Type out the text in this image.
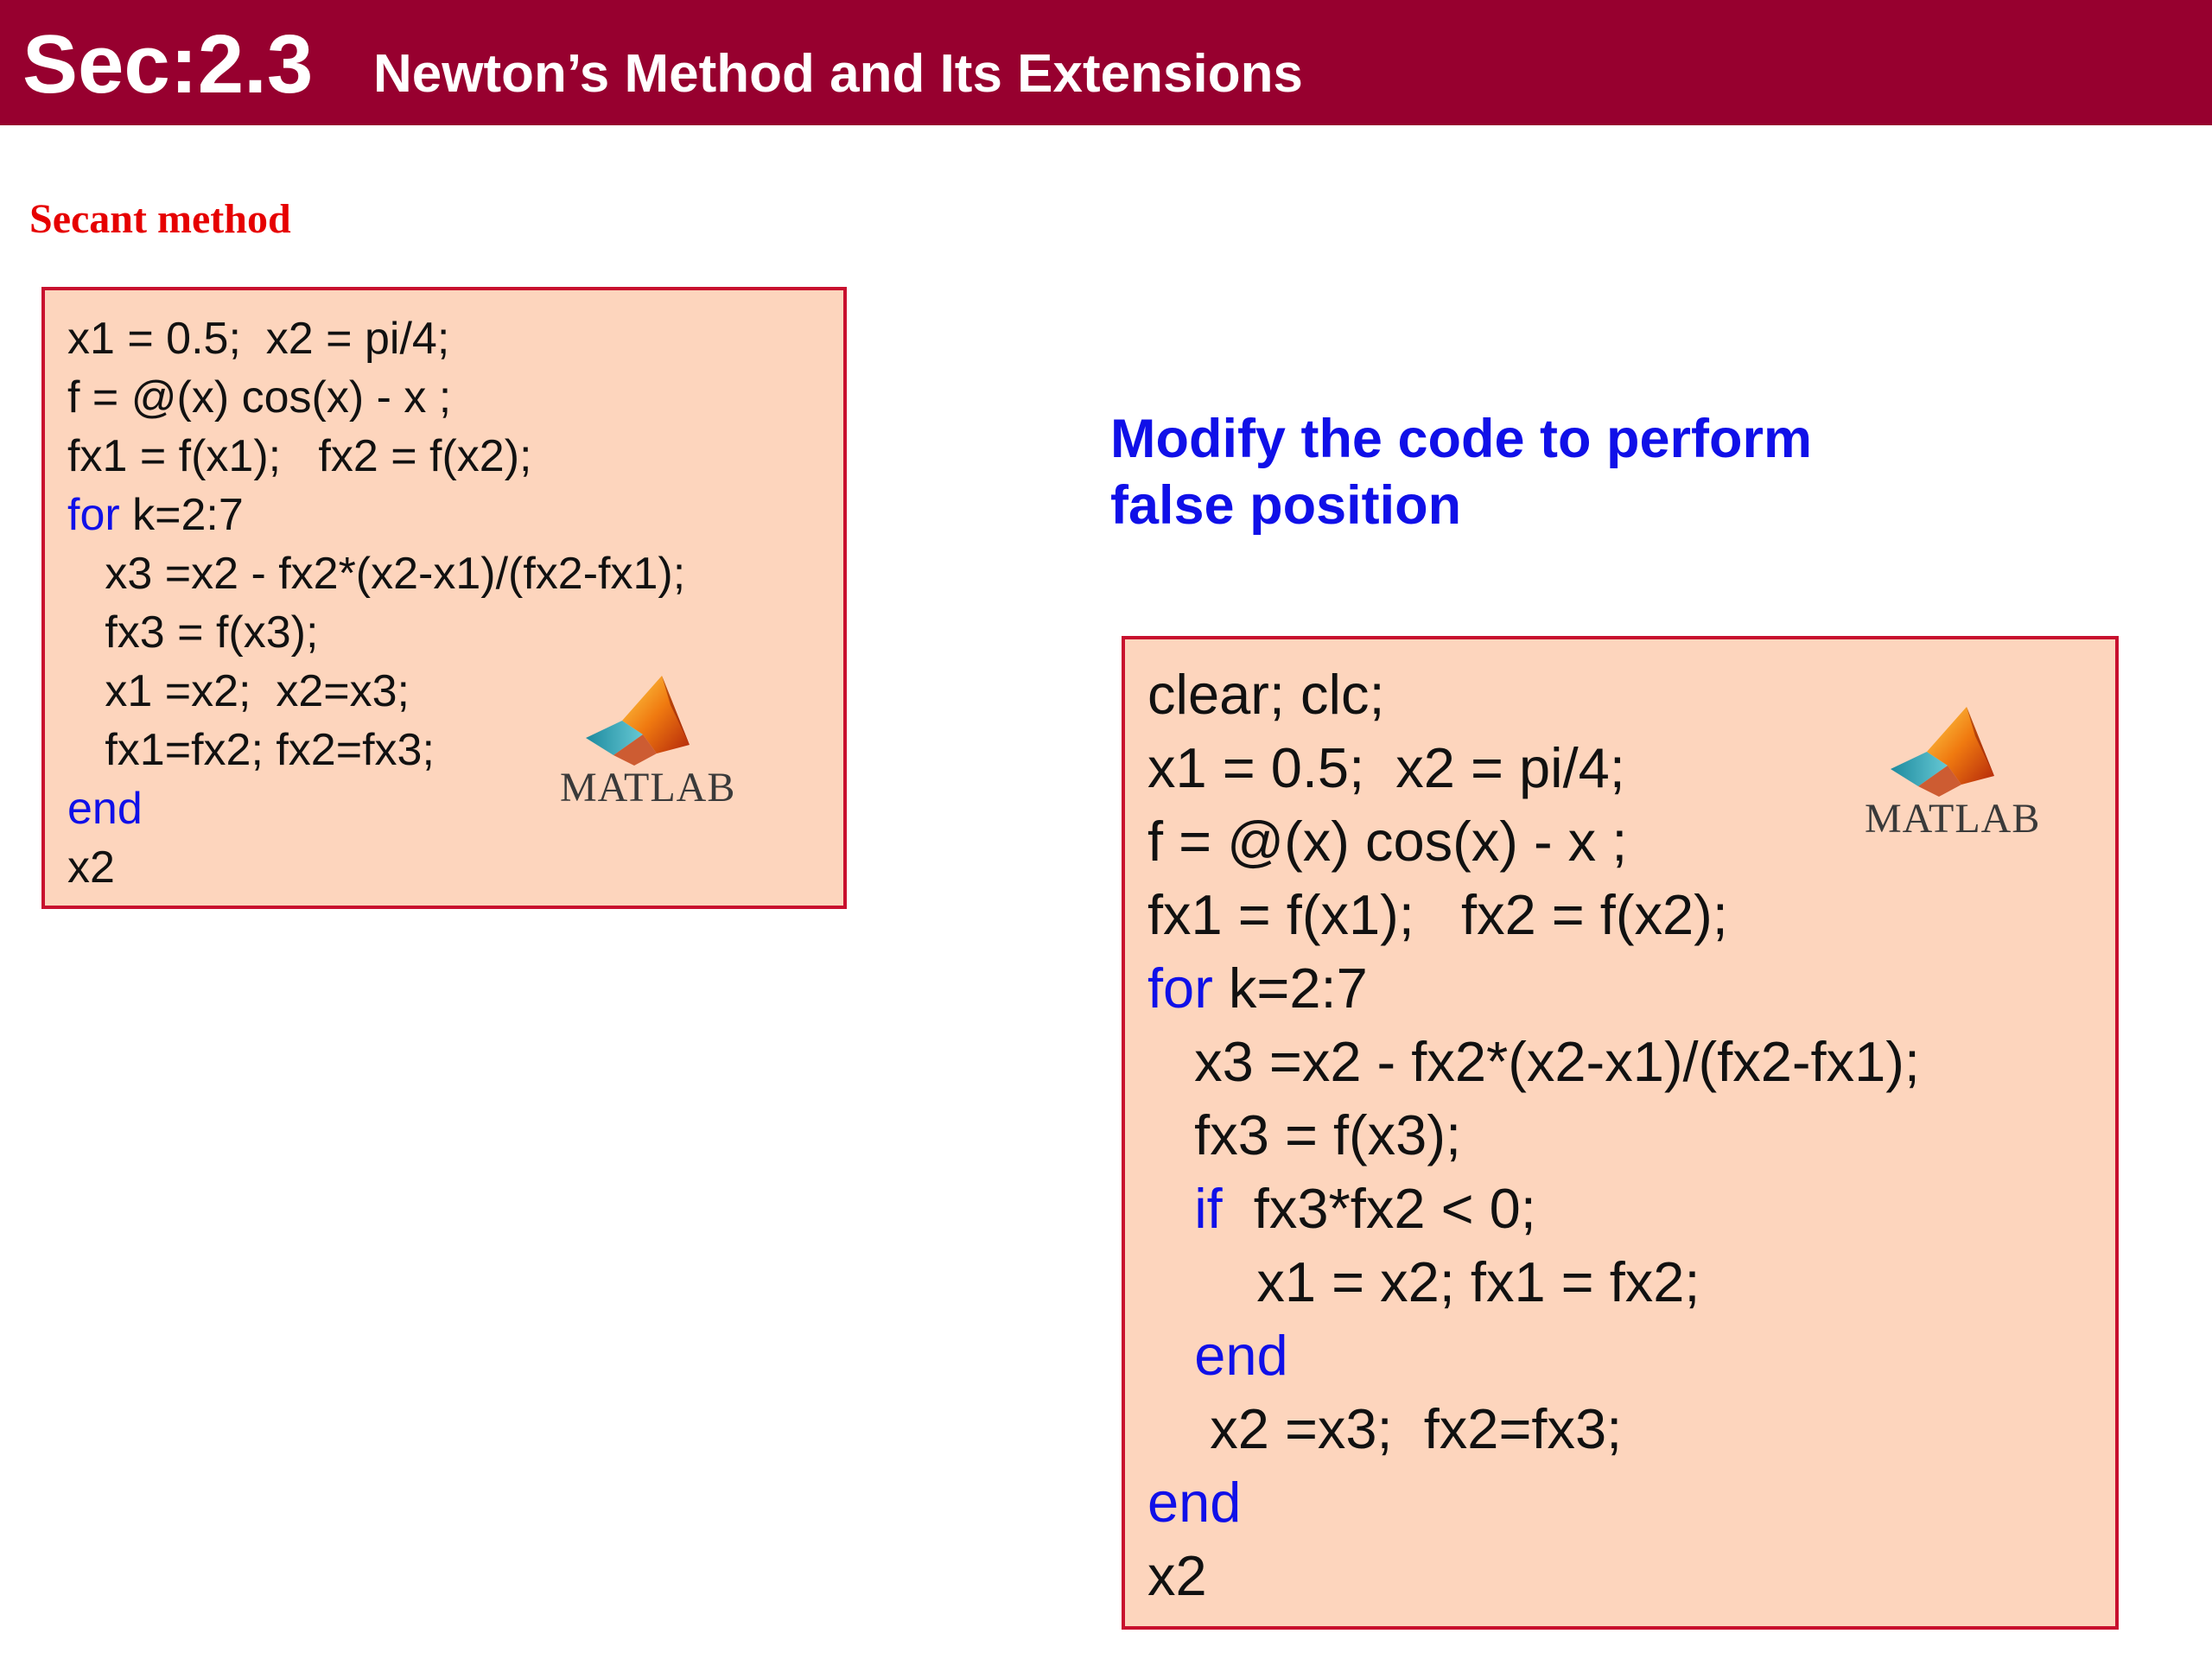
Sec:2.3 Newton’s Method and Its Extensions
Secant method
x1 = 0.5;  x2 = pi/4;
f = @(x) cos(x) - x ;
fx1 = f(x1);   fx2 = f(x2);
for k=2:7
x3 =x2 - fx2*(x2-x1)/(fx2-fx1);
fx3 = f(x3);
x1 =x2;  x2=x3;
fx1=fx2; fx2=fx3;
end
x2
MATLAB
Modify the code to perform
false position
clear; clc;
x1 = 0.5;  x2 = pi/4;
f = @(x) cos(x) - x ;
fx1 = f(x1);   fx2 = f(x2);
for k=2:7
x3 =x2 - fx2*(x2-x1)/(fx2-fx1);
fx3 = f(x3);
if  fx3*fx2 < 0;
x1 = x2; fx1 = fx2;
end
x2 =x3;  fx2=fx3;
end
x2
MATLAB
